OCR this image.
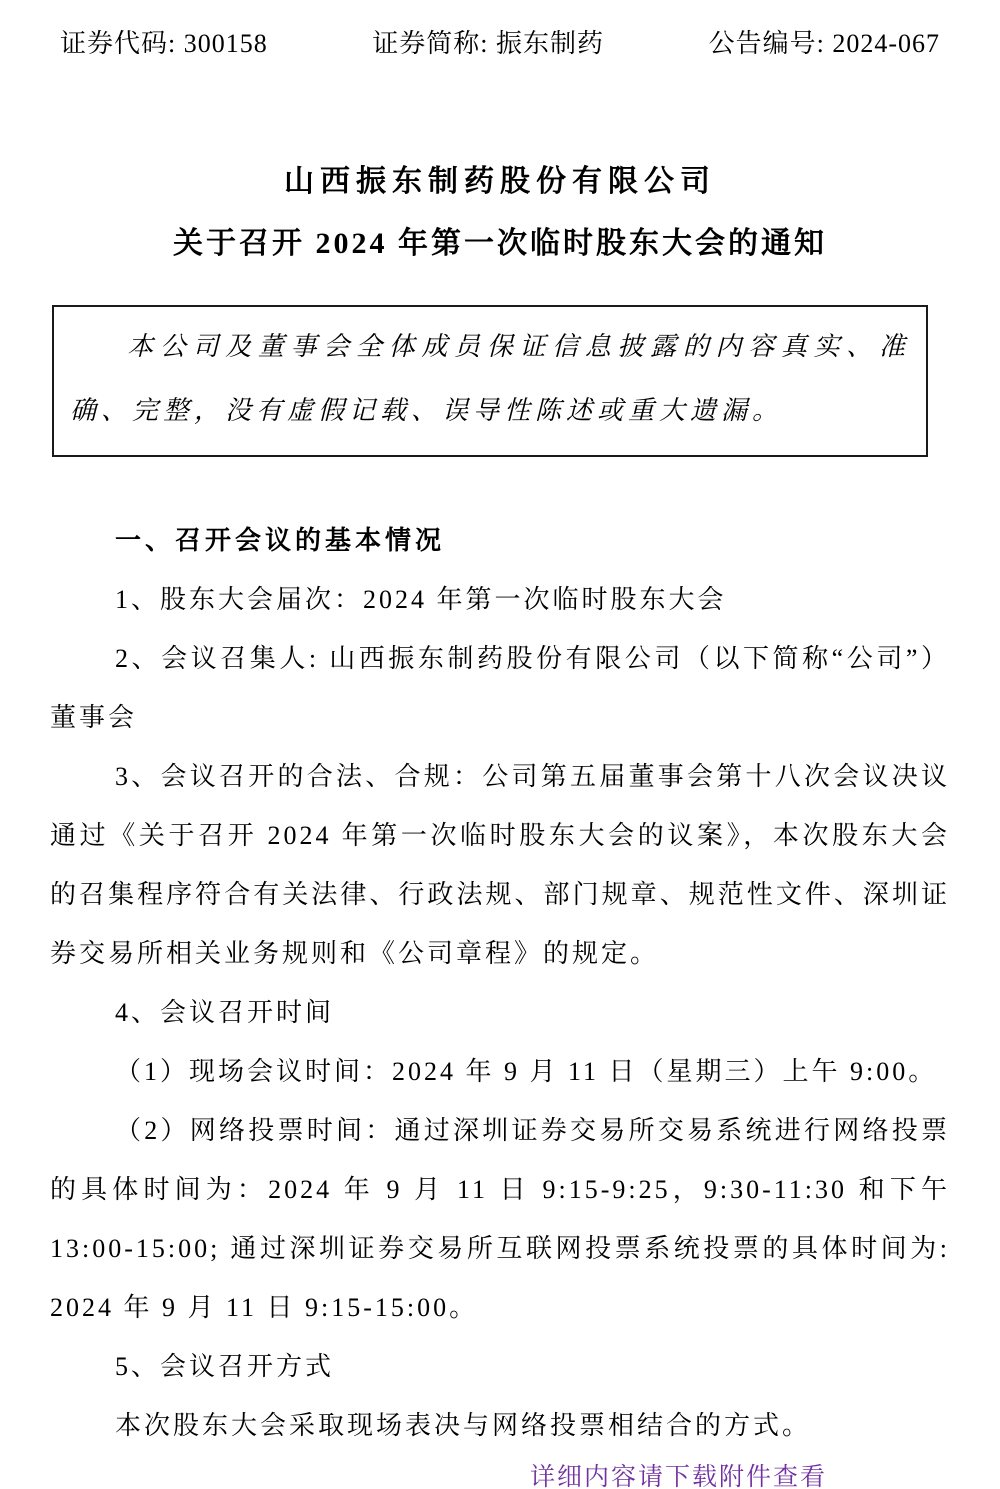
证券代码: 300158	证券简称: 振东制药	公告编号: 2024-067
山西振东制药股份有限公司
关于召开 2024 年第一次临时股东大会的通知

本公司及董事会全体成员保证信息披露的内容真实、准确、完整，没有虚假记载、误导性陈述或重大遗漏。

一、召开会议的基本情况

1、股东大会届次：2024 年第一次临时股东大会

2、会议召集人: 山西振东制药股份有限公司（以下简称“公司”）董事会

3、会议召开的合法、合规：公司第五届董事会第十八次会议决议通过《关于召开 2024 年第一次临时股东大会的议案》，本次股东大会的召集程序符合有关法律、行政法规、部门规章、规范性文件、深圳证券交易所相关业务规则和《公司章程》的规定。

4、会议召开时间

（1）现场会议时间：2024 年 9 月 11 日（星期三）上午 9:00。

（2）网络投票时间：通过深圳证券交易所交易系统进行网络投票的具体时间为：2024 年 9 月 11 日 9:15-9:25，9:30-11:30 和下午13:00-15:00; 通过深圳证券交易所互联网投票系统投票的具体时间为: 2024 年 9 月 11 日 9:15-15:00。

5、会议召开方式

本次股东大会采取现场表决与网络投票相结合的方式。

详细内容请下载附件查看
